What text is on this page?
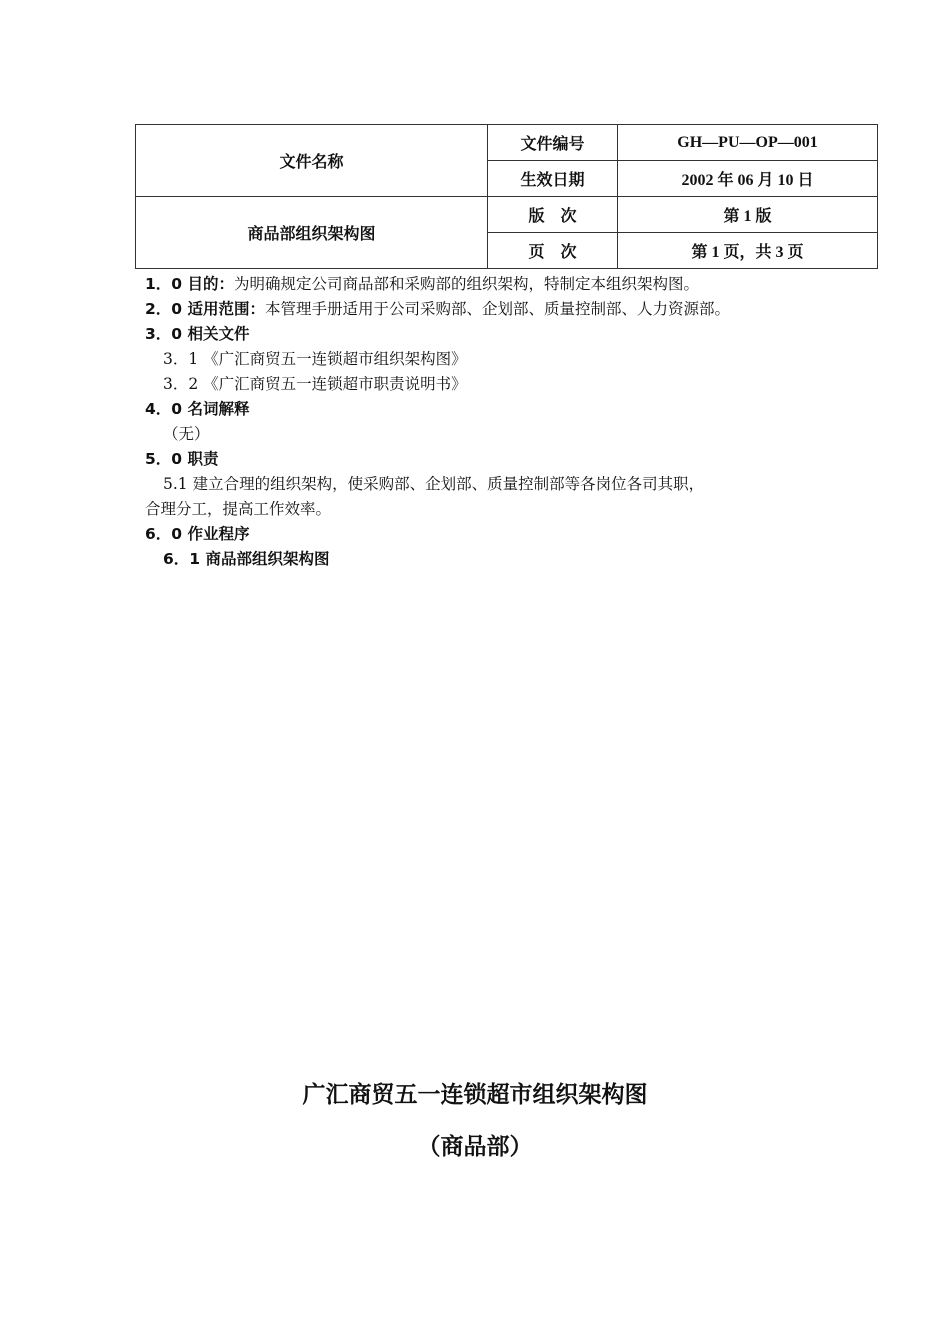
文件名称	文件编号	GH—PU—OP—001
	生效日期	2002 年 06 月 10 日
商品部组织架构图	版　次	第 1 版
	页　次	第 1 页，共 3 页
1．0 目的：为明确规定公司商品部和采购部的组织架构，特制定本组织架构图。
2．0 适用范围：本管理手册适用于公司采购部、企划部、质量控制部、人力资源部。
3．0 相关文件
3．1 《广汇商贸五一连锁超市组织架构图》
3．2 《广汇商贸五一连锁超市职责说明书》
4．0 名词解释
（无）
5．0 职责
5.1 建立合理的组织架构，使采购部、企划部、质量控制部等各岗位各司其职，
合理分工，提高工作效率。
6．0 作业程序
6．1 商品部组织架构图
广汇商贸五一连锁超市组织架构图
（商品部）
